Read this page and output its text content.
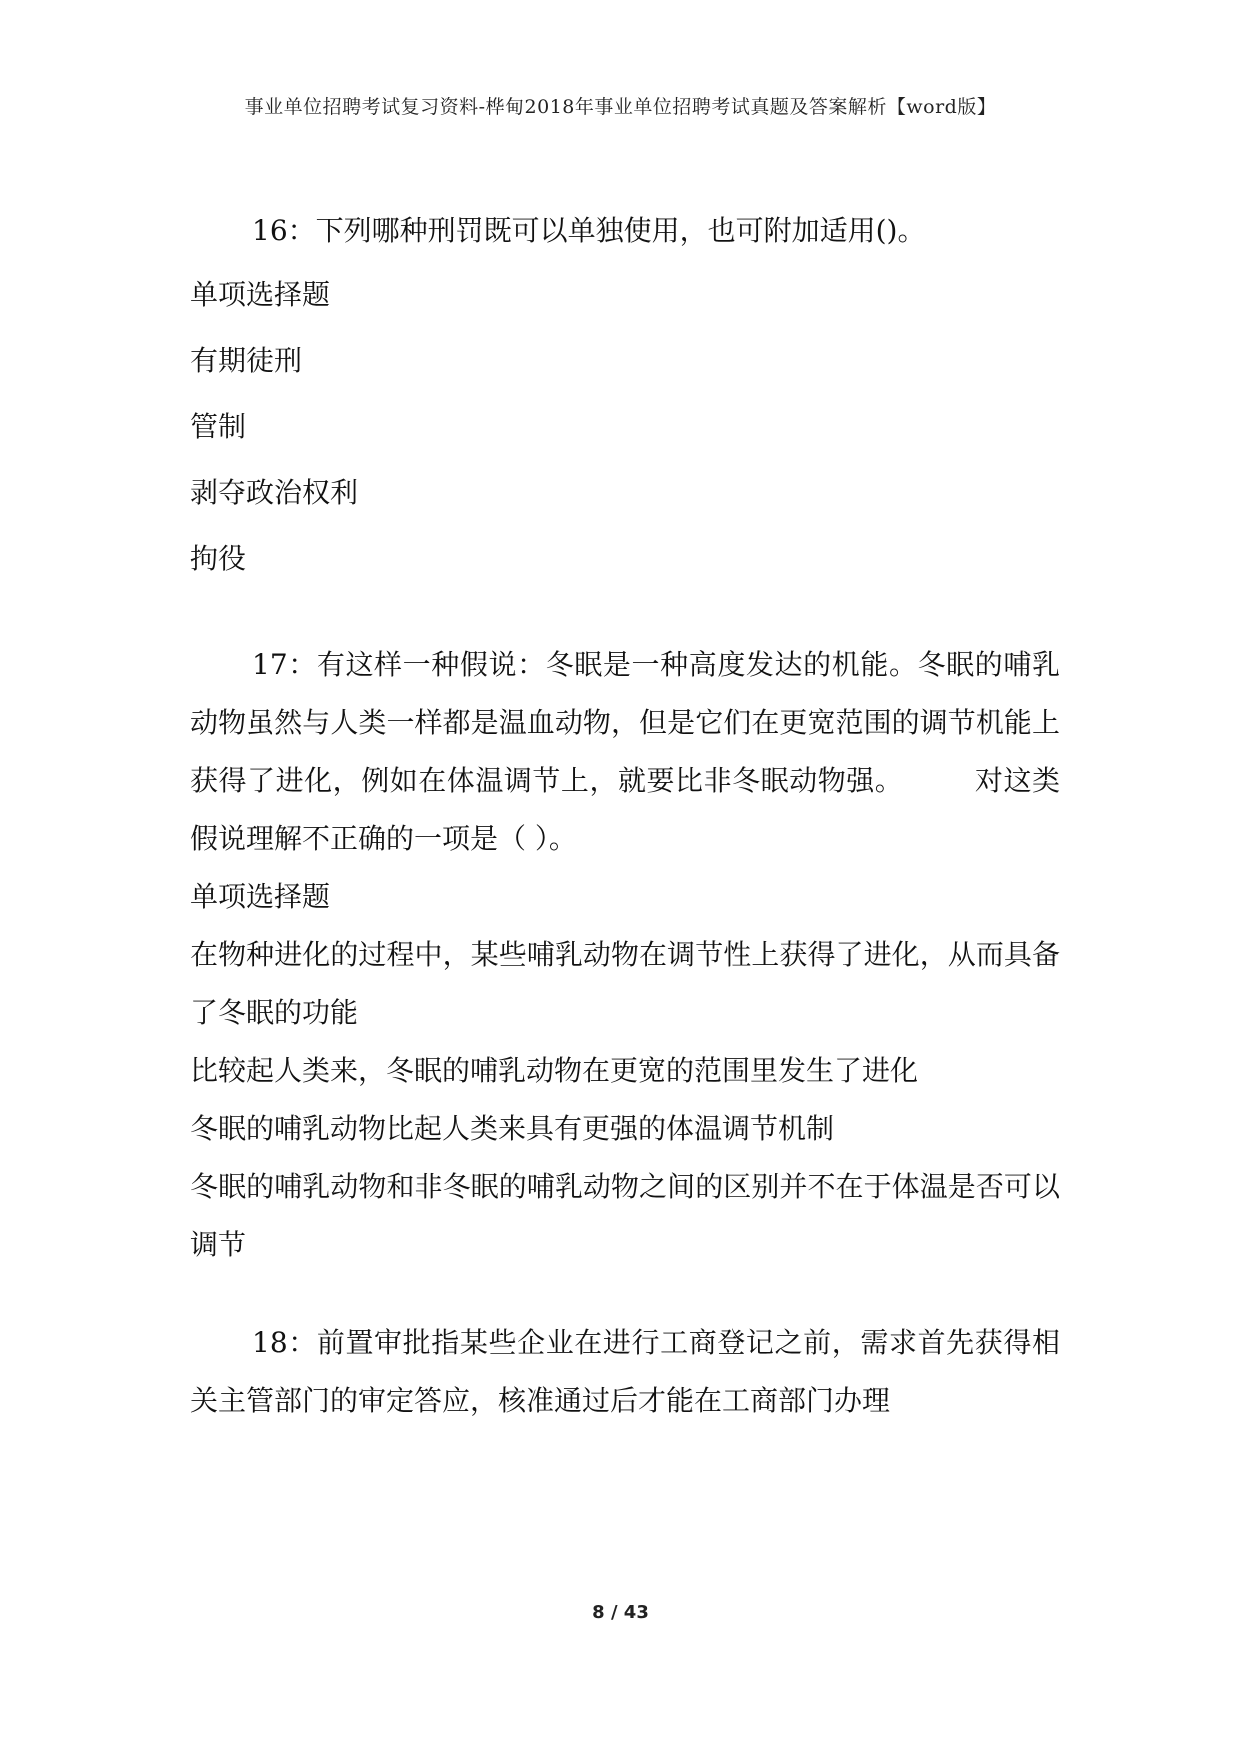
事业单位招聘考试复习资料-桦甸2018年事业单位招聘考试真题及答案解析【word版】

16：下列哪种刑罚既可以单独使用，也可附加适用()。

单项选择题

有期徒刑

管制

剥夺政治权利

拘役

17：有这样一种假说：冬眠是一种高度发达的机能。冬眠的哺乳动物虽然与人类一样都是温血动物，但是它们在更宽范围的调节机能上获得了进化，例如在体温调节上，就要比非冬眠动物强。　　　对这类假说理解不正确的一项是（ ）。

单项选择题

在物种进化的过程中，某些哺乳动物在调节性上获得了进化，从而具备了冬眠的功能

比较起人类来，冬眠的哺乳动物在更宽的范围里发生了进化

冬眠的哺乳动物比起人类来具有更强的体温调节机制

冬眠的哺乳动物和非冬眠的哺乳动物之间的区别并不在于体温是否可以调节

18：前置审批指某些企业在进行工商登记之前，需求首先获得相关主管部门的审定答应，核准通过后才能在工商部门办理

8 / 43
